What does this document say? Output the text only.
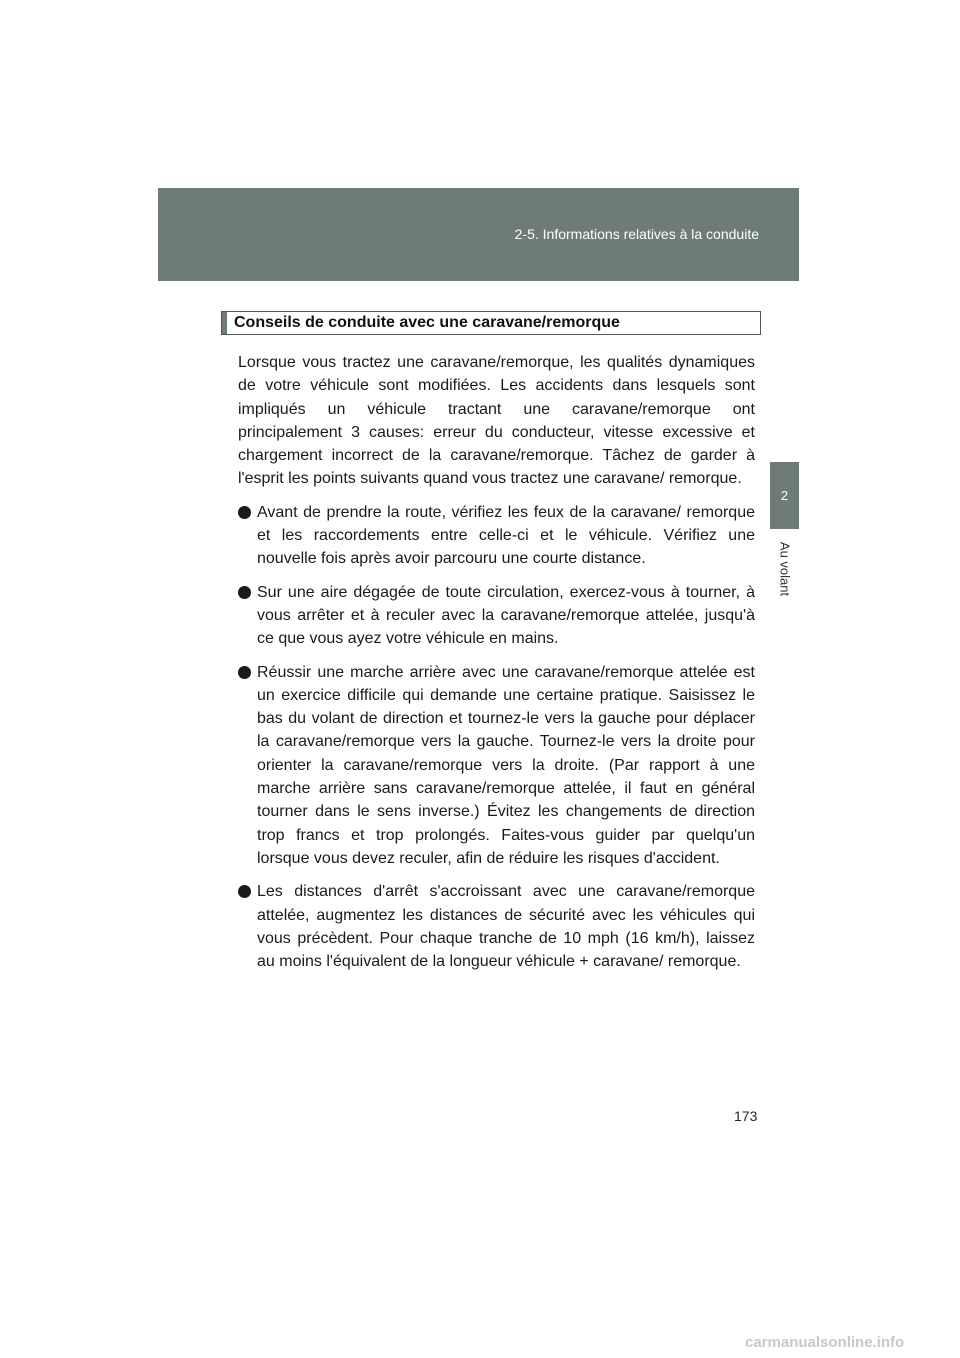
2-5. Informations relatives à la conduite
2
Au volant
Conseils de conduite avec une caravane/remorque

Lorsque vous tractez une caravane/remorque, les qualités dynamiques de votre véhicule sont modifiées. Les accidents dans lesquels sont impliqués un véhicule tractant une caravane/remorque ont principalement 3 causes: erreur du conducteur, vitesse excessive et chargement incorrect de la caravane/remorque. Tâchez de garder à l'esprit les points suivants quand vous tractez une caravane/ remorque.

Avant de prendre la route, vérifiez les feux de la caravane/ remorque et les raccordements entre celle-ci et le véhicule. Vérifiez une nouvelle fois après avoir parcouru une courte distance.
Sur une aire dégagée de toute circulation, exercez-vous à tourner, à vous arrêter et à reculer avec la caravane/remorque attelée, jusqu'à ce que vous ayez votre véhicule en mains.
Réussir une marche arrière avec une caravane/remorque attelée est un exercice difficile qui demande une certaine pratique. Saisissez le bas du volant de direction et tournez-le vers la gauche pour déplacer la caravane/remorque vers la gauche. Tournez-le vers la droite pour orienter la caravane/remorque vers la droite. (Par rapport à une marche arrière sans caravane/remorque attelée, il faut en général tourner dans le sens inverse.) Évitez les changements de direction trop francs et trop prolongés. Faites-vous guider par quelqu'un lorsque vous devez reculer, afin de réduire les risques d'accident.
Les distances d'arrêt s'accroissant avec une caravane/remorque attelée, augmentez les distances de sécurité avec les véhicules qui vous précèdent. Pour chaque tranche de 10 mph (16 km/h), laissez au moins l'équivalent de la longueur véhicule + caravane/ remorque.
173
carmanualsonline.info
